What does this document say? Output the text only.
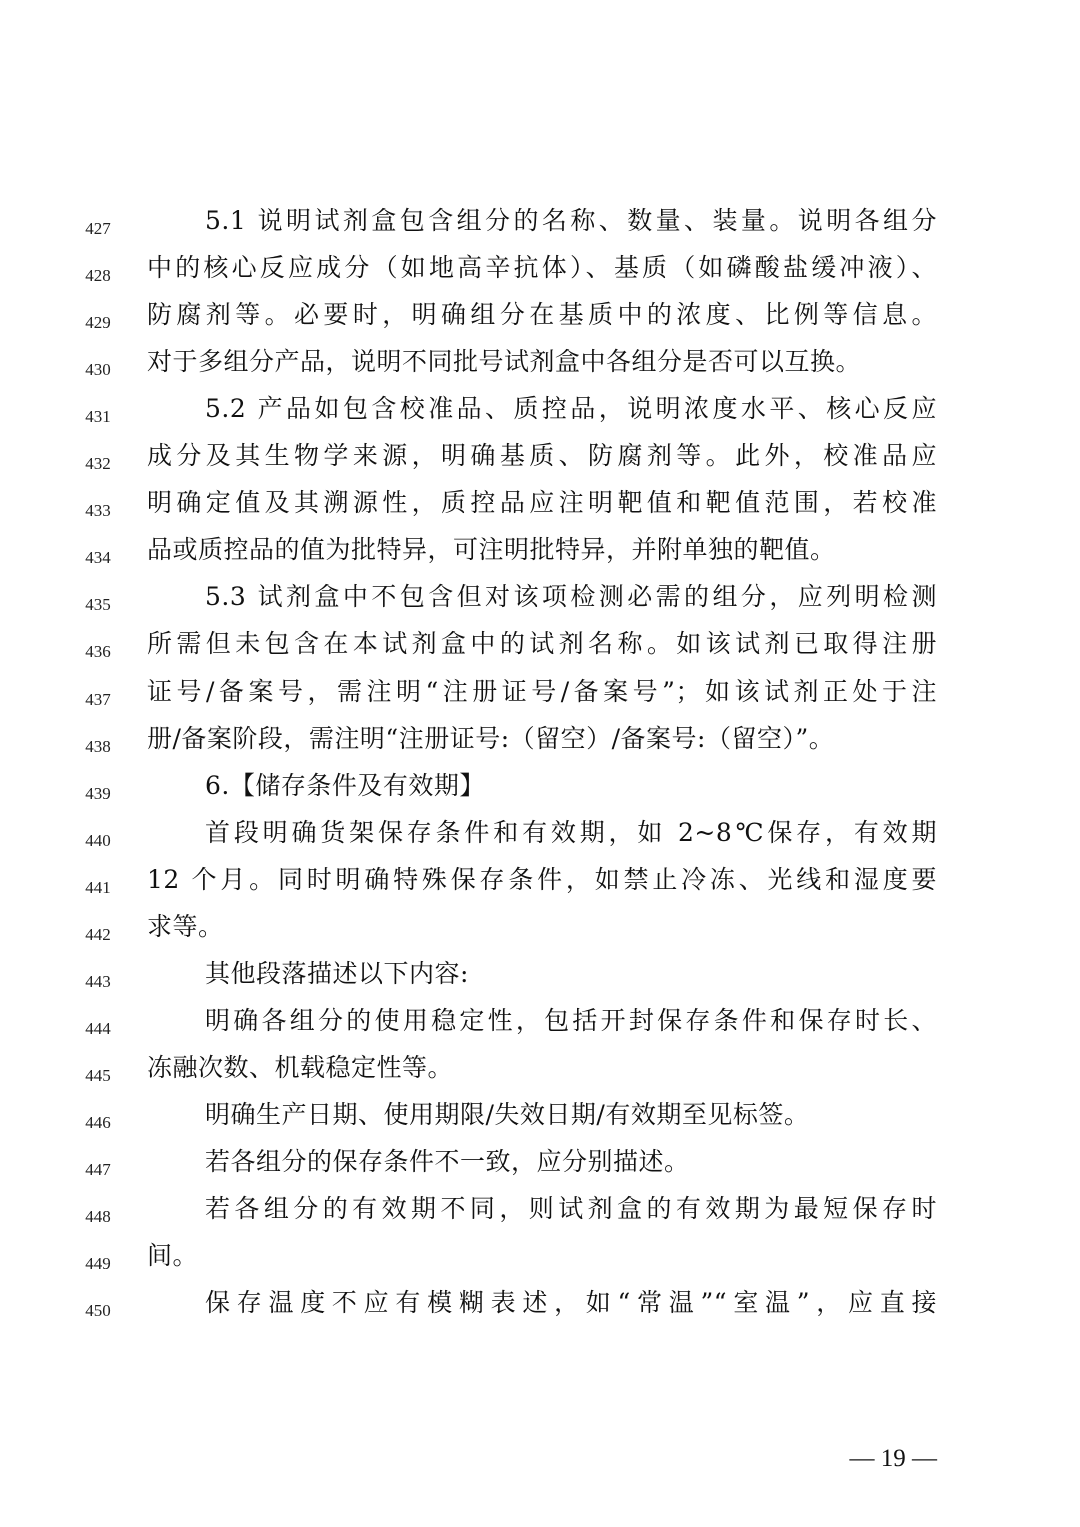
427	5.1 说明试剂盒包含组分的名称、数量、装量。说明各组分
428	中的核心反应成分（如地高辛抗体）、基质（如磷酸盐缓冲液）、
429	防腐剂等。必要时，明确组分在基质中的浓度、比例等信息。
430	对于多组分产品，说明不同批号试剂盒中各组分是否可以互换。
431	5.2 产品如包含校准品、质控品，说明浓度水平、核心反应
432	成分及其生物学来源，明确基质、防腐剂等。此外，校准品应
433	明确定值及其溯源性，质控品应注明靶值和靶值范围，若校准
434	品或质控品的值为批特异，可注明批特异，并附单独的靶值。
435	5.3 试剂盒中不包含但对该项检测必需的组分，应列明检测
436	所需但未包含在本试剂盒中的试剂名称。如该试剂已取得注册
437	证号/备案号，需注明“注册证号/备案号”；如该试剂正处于注
438	册/备案阶段，需注明“注册证号:（留空）/备案号:（留空）”。
439	6.【储存条件及有效期】
440	首段明确货架保存条件和有效期，如 2~8℃保存，有效期
441	12 个月。同时明确特殊保存条件，如禁止冷冻、光线和湿度要
442	求等。
443	其他段落描述以下内容:
444	明确各组分的使用稳定性，包括开封保存条件和保存时长、
445	冻融次数、机载稳定性等。
446	明确生产日期、使用期限/失效日期/有效期至见标签。
447	若各组分的保存条件不一致，应分别描述。
448	若各组分的有效期不同，则试剂盒的有效期为最短保存时
449	间。
450	保存温度不应有模糊表述，如“常温”“室温”，应直接
— 19 —
